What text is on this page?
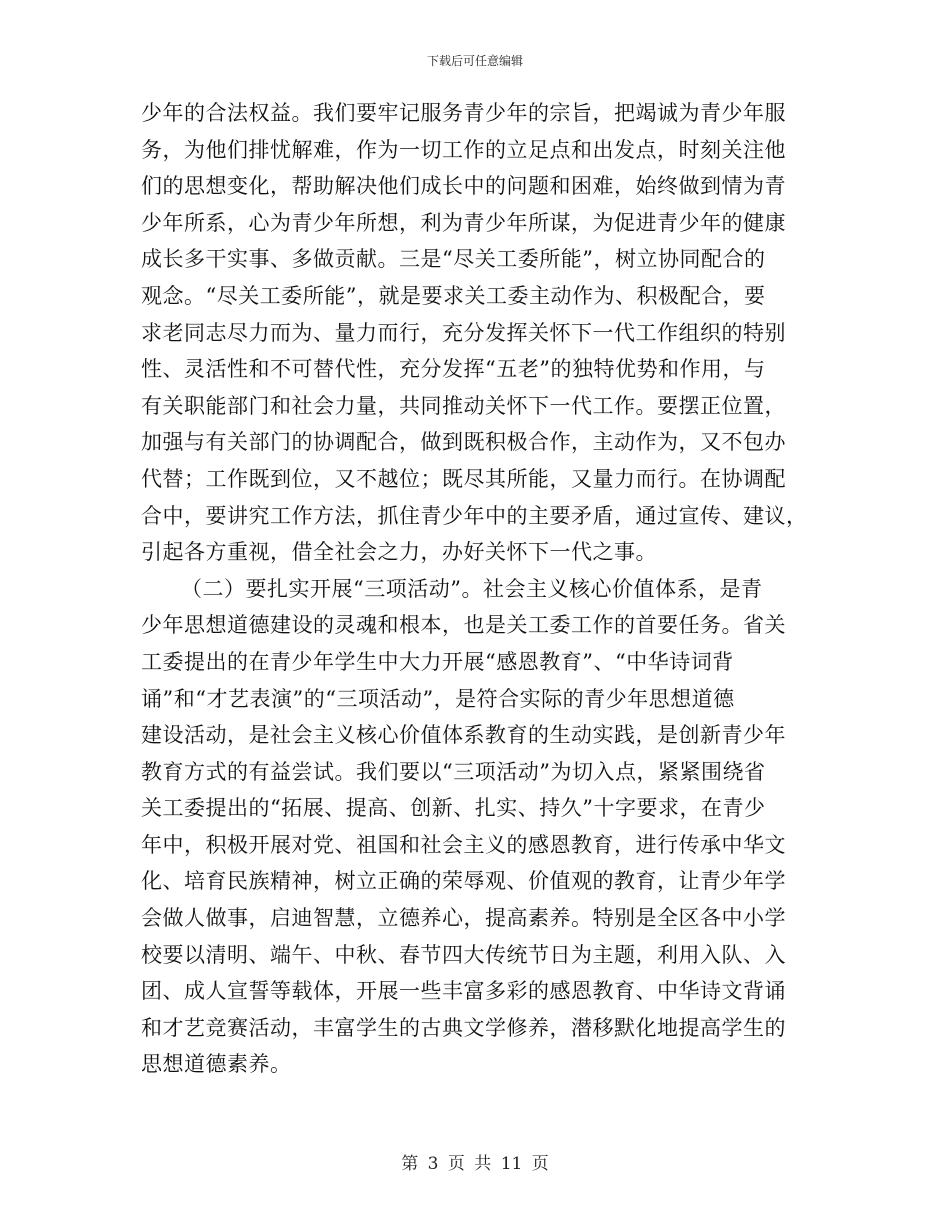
下载后可任意编辑
少年的合法权益。我们要牢记服务青少年的宗旨，把竭诚为青少年服
务，为他们排忧解难，作为一切工作的立足点和出发点，时刻关注他
们的思想变化，帮助解决他们成长中的问题和困难，始终做到情为青
少年所系，心为青少年所想，利为青少年所谋，为促进青少年的健康
成长多干实事、多做贡献。三是“尽关工委所能”，树立协同配合的
观念。“尽关工委所能”，就是要求关工委主动作为、积极配合，要
求老同志尽力而为、量力而行，充分发挥关怀下一代工作组织的特别
性、灵活性和不可替代性，充分发挥“五老”的独特优势和作用，与
有关职能部门和社会力量，共同推动关怀下一代工作。要摆正位置，
加强与有关部门的协调配合，做到既积极合作，主动作为，又不包办
代替；工作既到位，又不越位；既尽其所能，又量力而行。在协调配
合中，要讲究工作方法，抓住青少年中的主要矛盾，通过宣传、建议，
引起各方重视，借全社会之力，办好关怀下一代之事。
（二）要扎实开展“三项活动”。社会主义核心价值体系，是青
少年思想道德建设的灵魂和根本，也是关工委工作的首要任务。省关
工委提出的在青少年学生中大力开展“感恩教育”、“中华诗词背
诵”和“才艺表演”的“三项活动”，是符合实际的青少年思想道德
建设活动，是社会主义核心价值体系教育的生动实践，是创新青少年
教育方式的有益尝试。我们要以“三项活动”为切入点，紧紧围绕省
关工委提出的“拓展、提高、创新、扎实、持久”十字要求，在青少
年中，积极开展对党、祖国和社会主义的感恩教育，进行传承中华文
化、培育民族精神，树立正确的荣辱观、价值观的教育，让青少年学
会做人做事，启迪智慧，立德养心，提高素养。特别是全区各中小学
校要以清明、端午、中秋、春节四大传统节日为主题，利用入队、入
团、成人宣誓等载体，开展一些丰富多彩的感恩教育、中华诗文背诵
和才艺竞赛活动，丰富学生的古典文学修养，潜移默化地提高学生的
思想道德素养。
第 3 页 共 11 页
